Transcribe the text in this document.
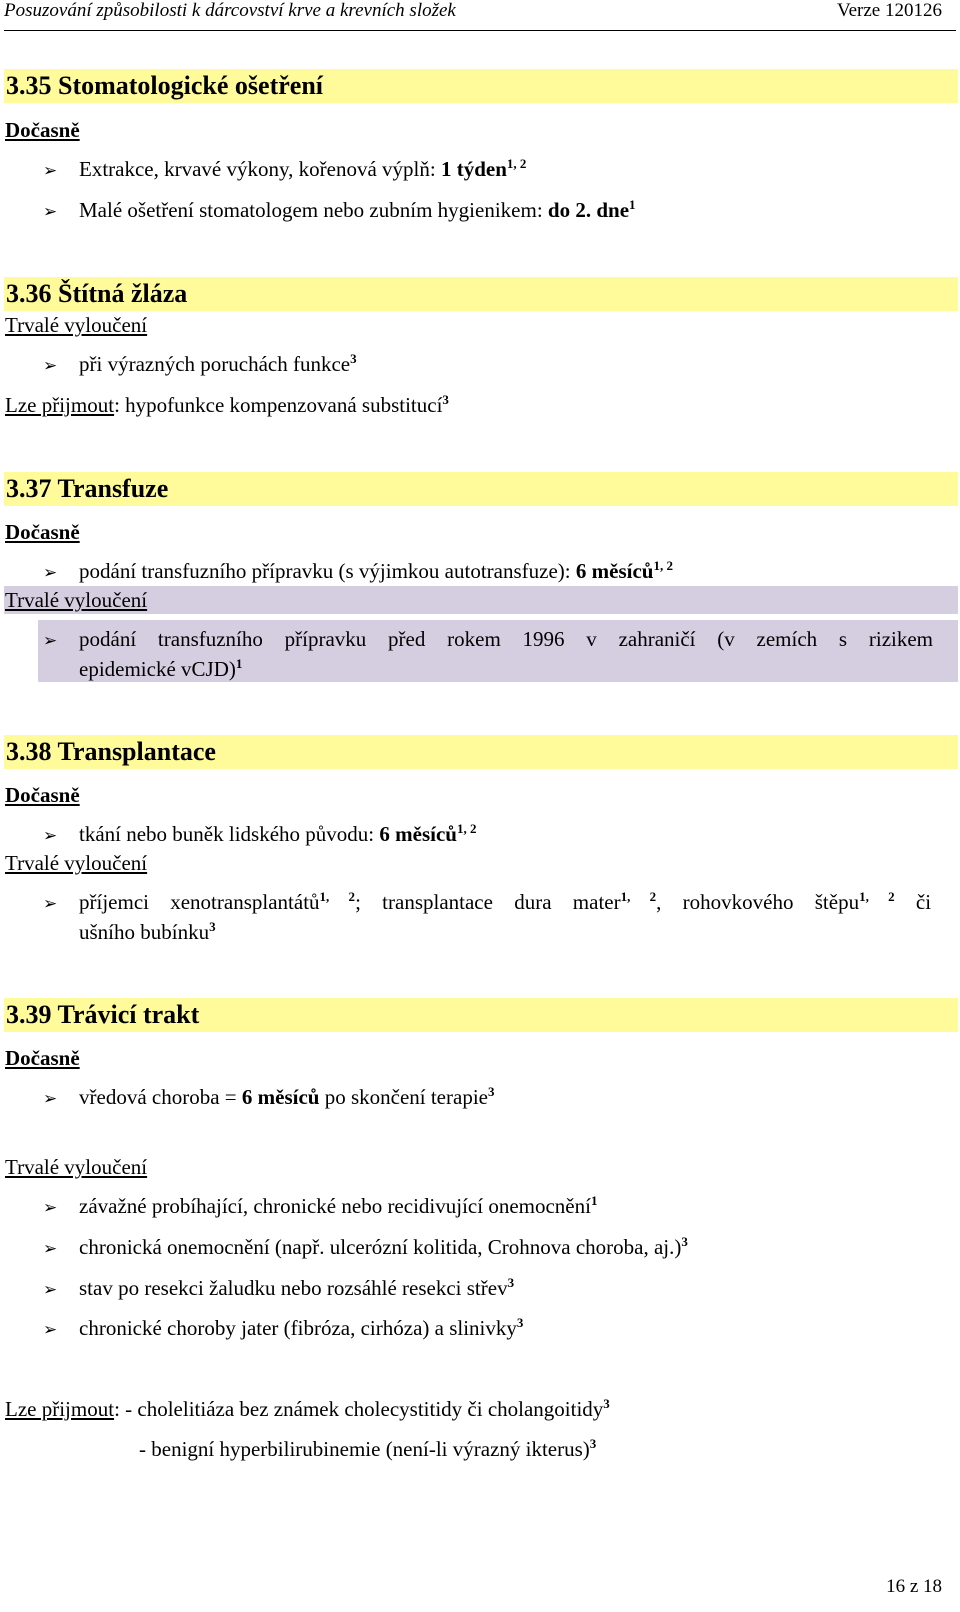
Posuzování způsobilosti k dárcovství krve a krevních složek	Verze 120126
3.35 Stomatologické ošetření
Dočasně
➢ Extrakce, krvavé výkony, kořenová výplň: 1 týden$^{1, 2}$
➢ Malé ošetření stomatologem nebo zubním hygienikem: do 2. dne$^1$
3.36 Štítná žláza
Trvalé vyloučení
➢ při výrazných poruchách funkce$^3$
Lze přijmout: hypofunkce kompenzovaná substitucí$^3$
3.37 Transfuze
Dočasně
➢ podání transfuzního přípravku (s výjimkou autotransfuze): 6 měsíců$^{1, 2}$
Trvalé vyloučení
➢ podání transfuzního přípravku před rokem 1996 v zahraničí (v zemích s rizikem
epidemické vCJD)$^1$
3.38 Transplantace
Dočasně
➢ tkání nebo buněk lidského původu: 6 měsíců$^{1, 2}$
Trvalé vyloučení
➢ příjemci xenotransplantátů$^{1, 2}$; transplantace dura mater$^{1, 2}$, rohovkového štěpu$^{1, 2}$ či
ušního bubínku$^3$
3.39 Trávicí trakt
Dočasně
➢ vředová choroba = 6 měsíců po skončení terapie$^3$
Trvalé vyloučení
➢ závažné probíhající, chronické nebo recidivující onemocnění$^1$
➢ chronická onemocnění (např. ulcerózní kolitida, Crohnova choroba, aj.)$^3$
➢ stav po resekci žaludku nebo rozsáhlé resekci střev$^3$
➢ chronické choroby jater (fibróza, cirhóza) a slinivky$^3$
Lze přijmout: - cholelitiáza bez známek cholecystitidy či cholangoitidy$^3$
- benigní hyperbilirubinemie (není-li výrazný ikterus)$^3$
16 z 18
